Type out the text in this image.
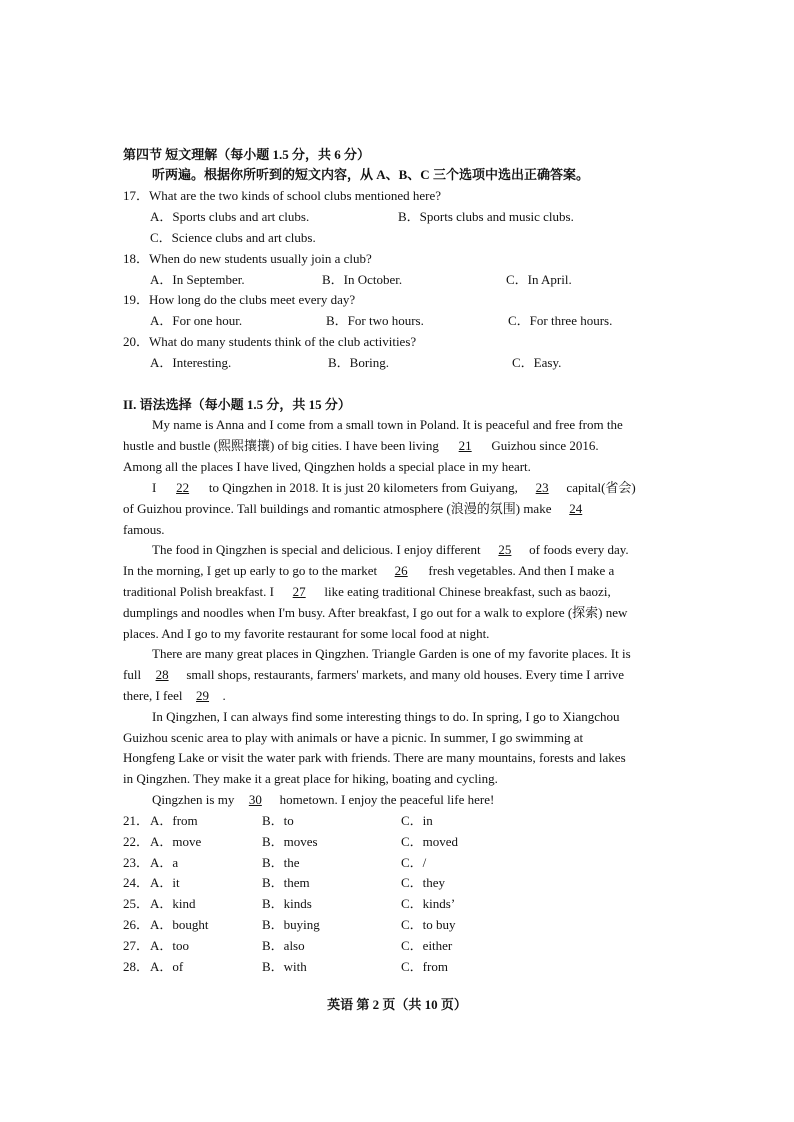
第四节 短文理解（每小题 1.5 分，共 6 分）
听两遍。根据你所听到的短文内容，从 A、B、C 三个选项中选出正确答案。
17．What are the two kinds of school clubs mentioned here?
A．Sports clubs and art clubs.	B．Sports clubs and music clubs.
C．Science clubs and art clubs.
18．When do new students usually join a club?
A．In September.	B．In October.	C．In April.
19．How long do the clubs meet every day?
A．For one hour.	B．For two hours.	C．For three hours.
20．What do many students think of the club activities?
A．Interesting.	B．Boring.	C．Easy.
II. 语法选择（每小题 1.5 分，共 15 分）
My name is Anna and I come from a small town in Poland. It is peaceful and free from the
hustle and bustle (熙熙攘攘) of big cities. I have been living 21 Guizhou since 2016.
Among all the places I have lived, Qingzhen holds a special place in my heart.
I 22 to Qingzhen in 2018. It is just 20 kilometers from Guiyang, 23 capital(省会)
of Guizhou province. Tall buildings and romantic atmosphere (浪漫的氛围) make 24
famous.
The food in Qingzhen is special and delicious. I enjoy different 25 of foods every day.
In the morning, I get up early to go to the market 26 fresh vegetables. And then I make a
traditional Polish breakfast. I 27 like eating traditional Chinese breakfast, such as baozi,
dumplings and noodles when I'm busy. After breakfast, I go out for a walk to explore (探索) new
places. And I go to my favorite restaurant for some local food at night.
There are many great places in Qingzhen. Triangle Garden is one of my favorite places. It is
full 28 small shops, restaurants, farmers' markets, and many old houses. Every time I arrive
there, I feel 29 .
In Qingzhen, I can always find some interesting things to do. In spring, I go to Xiangchou
Guizhou scenic area to play with animals or have a picnic. In summer, I go swimming at
Hongfeng Lake or visit the water park with friends. There are many mountains, forests and lakes
in Qingzhen. They make it a great place for hiking, boating and cycling.
Qingzhen is my 30 hometown. I enjoy the peaceful life here!
21． A．from	B．to	C．in
22． A．move	B．moves	C．moved
23． A．a	B．the	C．/
24． A．it	B．them	C．they
25． A．kind	B．kinds	C．kinds’
26． A．bought	B．buying	C．to buy
27． A．too	B．also	C．either
28． A．of	B．with	C．from
英语 第 2 页（共 10 页）
